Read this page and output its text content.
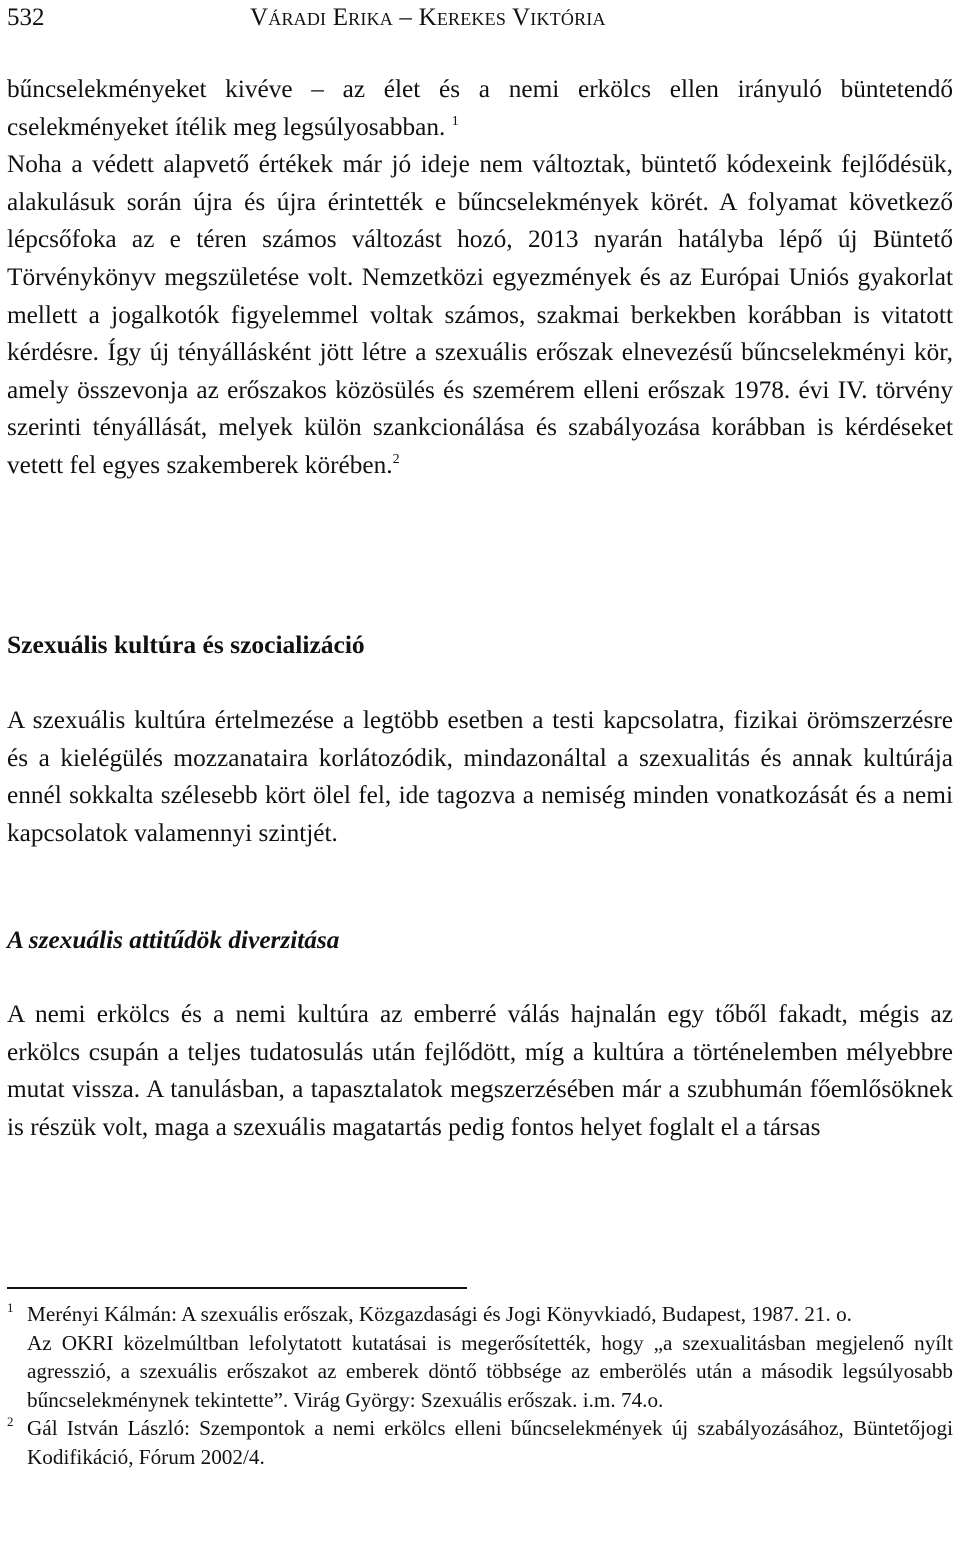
532	Váradi Erika – Kerekes Viktória

bűncselekményeket kivéve – az élet és a nemi erkölcs ellen irányuló büntetendő cselekményeket ítélik meg legsúlyosabban. $^1$
Noha a védett alapvető értékek már jó ideje nem változtak, büntető kódexeink fejlődésük, alakulásuk során újra és újra érintették e bűncselekmények körét. A folyamat következő lépcsőfoka az e téren számos változást hozó, 2013 nyarán hatályba lépő új Büntető Törvénykönyv megszületése volt. Nemzetközi egyezmények és az Európai Uniós gyakorlat mellett a jogalkotók figyelemmel voltak számos, szakmai berkekben korábban is vitatott kérdésre. Így új tényállásként jött létre a szexuális erőszak elnevezésű bűncselekményi kör, amely összevonja az erőszakos közösülés és szemérem elleni erőszak 1978. évi IV. törvény szerinti tényállását, melyek külön szankcionálása és szabályozása korábban is kérdéseket vetett fel egyes szakemberek körében.$^2$

Szexuális kultúra és szocializáció

A szexuális kultúra értelmezése a legtöbb esetben a testi kapcsolatra, fizikai örömszerzésre és a kielégülés mozzanataira korlátozódik, mindazonáltal a szexualitás és annak kultúrája ennél sokkalta szélesebb kört ölel fel, ide tagozva a nemiség minden vonatkozását és a nemi kapcsolatok valamennyi szintjét.

A szexuális attitűdök diverzitása

A nemi erkölcs és a nemi kultúra az emberré válás hajnalán egy tőből fakadt, mégis az erkölcs csupán a teljes tudatosulás után fejlődött, míg a kultúra a történelemben mélyebbre mutat vissza. A tanulásban, a tapasztalatok megszerzésében már a szubhumán főemlősöknek is részük volt, maga a szexuális magatartás pedig fontos helyet foglalt el a társas

1 Merényi Kálmán: A szexuális erőszak, Közgazdasági és Jogi Könyvkiadó, Budapest, 1987. 21. o.

Az OKRI közelmúltban lefolytatott kutatásai is megerősítették, hogy „a szexualitásban megjelenő nyílt agresszió, a szexuális erőszakot az emberek döntő többsége az emberölés után a második legsúlyosabb bűncselekménynek tekintette”. Virág György: Szexuális erőszak. i.m. 74.o.

2 Gál István László: Szempontok a nemi erkölcs elleni bűncselekmények új szabályozásához, Büntetőjogi Kodifikáció, Fórum 2002/4.
